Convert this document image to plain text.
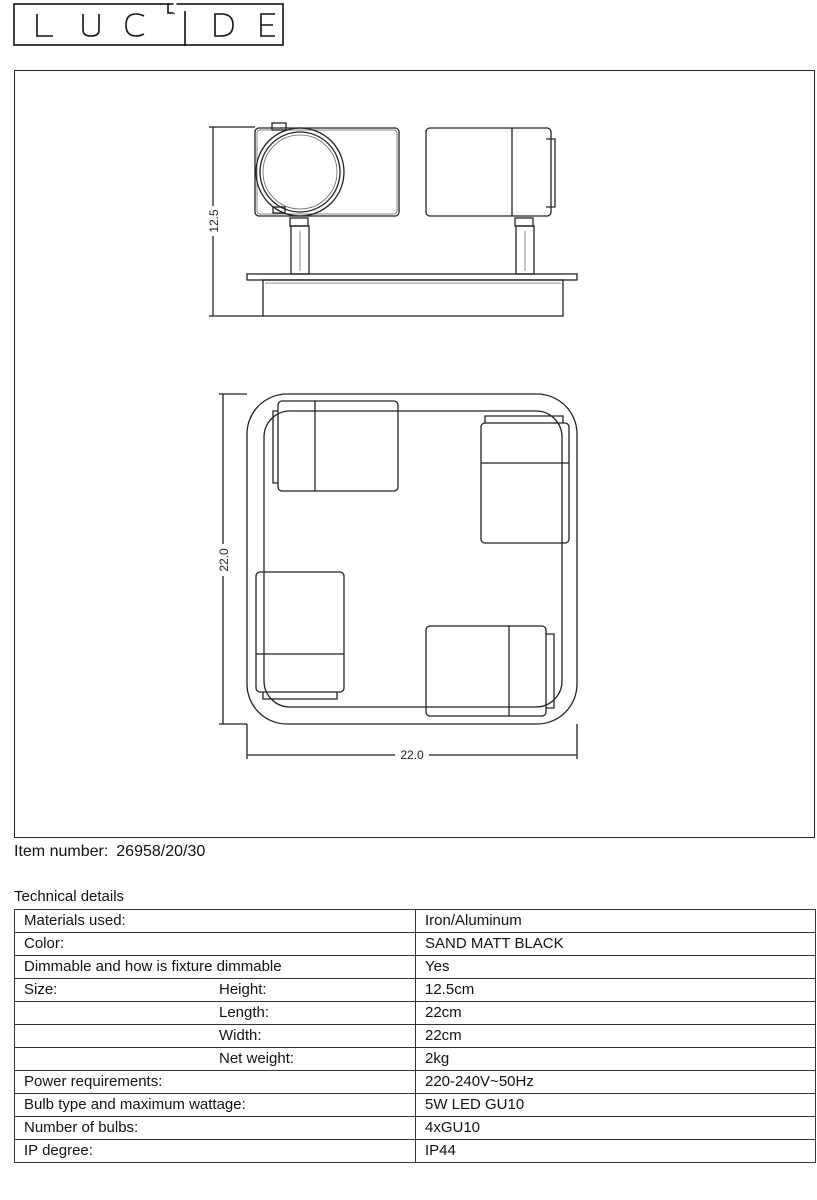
12.5
22.0
22.0
Item number: 26958/20/30
Technical details
Materials used:	Iron/Aluminum
Color:	SAND MATT BLACK
Dimmable and how is fixture dimmable	Yes

Size: Height:	12.5cm

Length:	22cm

Width:	22cm

Net weight:	2kg
Power requirements:	220-240V~50Hz
Bulb type and maximum wattage:	5W LED GU10
Number of bulbs:	4xGU10
IP degree:	IP44
